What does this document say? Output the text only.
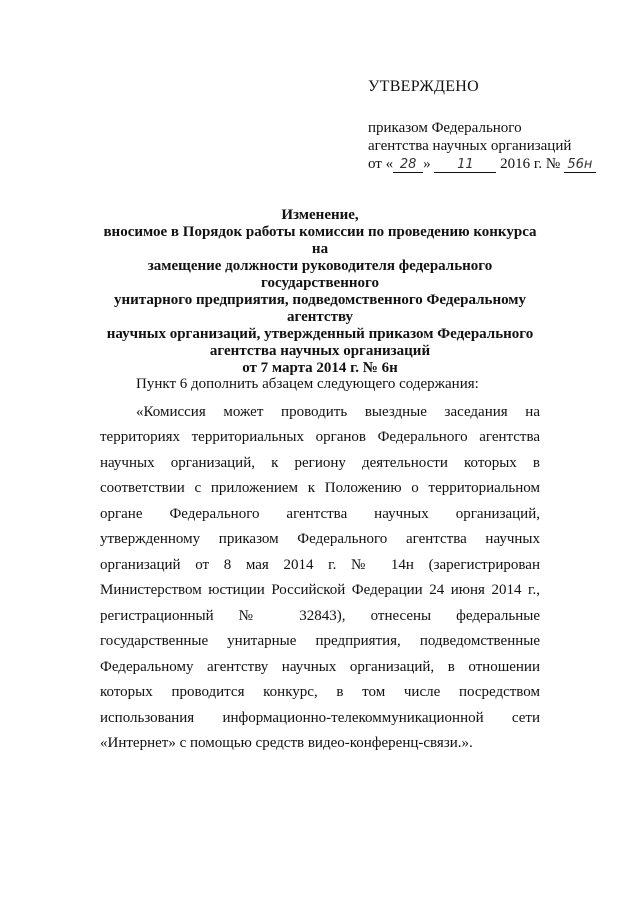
УТВЕРЖДЕНО
приказом Федерального
агентства научных организаций
от « 28 » 11 2016 г. № 56н
Изменение,
вносимое в Порядок работы комиссии по проведению конкурса на
замещение должности руководителя федерального государственного
унитарного предприятия, подведомственного Федеральному агентству
научных организаций, утвержденный приказом Федерального
агентства научных организаций
от 7 марта 2014 г. № 6н

Пункт 6 дополнить абзацем следующего содержания:

«Комиссия может проводить выездные заседания на территориях территориальных органов Федерального агентства научных организаций, к региону деятельности которых в соответствии с приложением к Положению о территориальном органе Федерального агентства научных организаций, утвержденному приказом Федерального агентства научных организаций от 8 мая 2014 г. № 14н (зарегистрирован Министерством юстиции Российской Федерации 24 июня 2014 г., регистрационный № 32843), отнесены федеральные государственные унитарные предприятия, подведомственные Федеральному агентству научных организаций, в отношении которых проводится конкурс, в том числе посредством использования информационно-телекоммуникационной сети «Интернет» с помощью средств видео-конференц-связи.».
